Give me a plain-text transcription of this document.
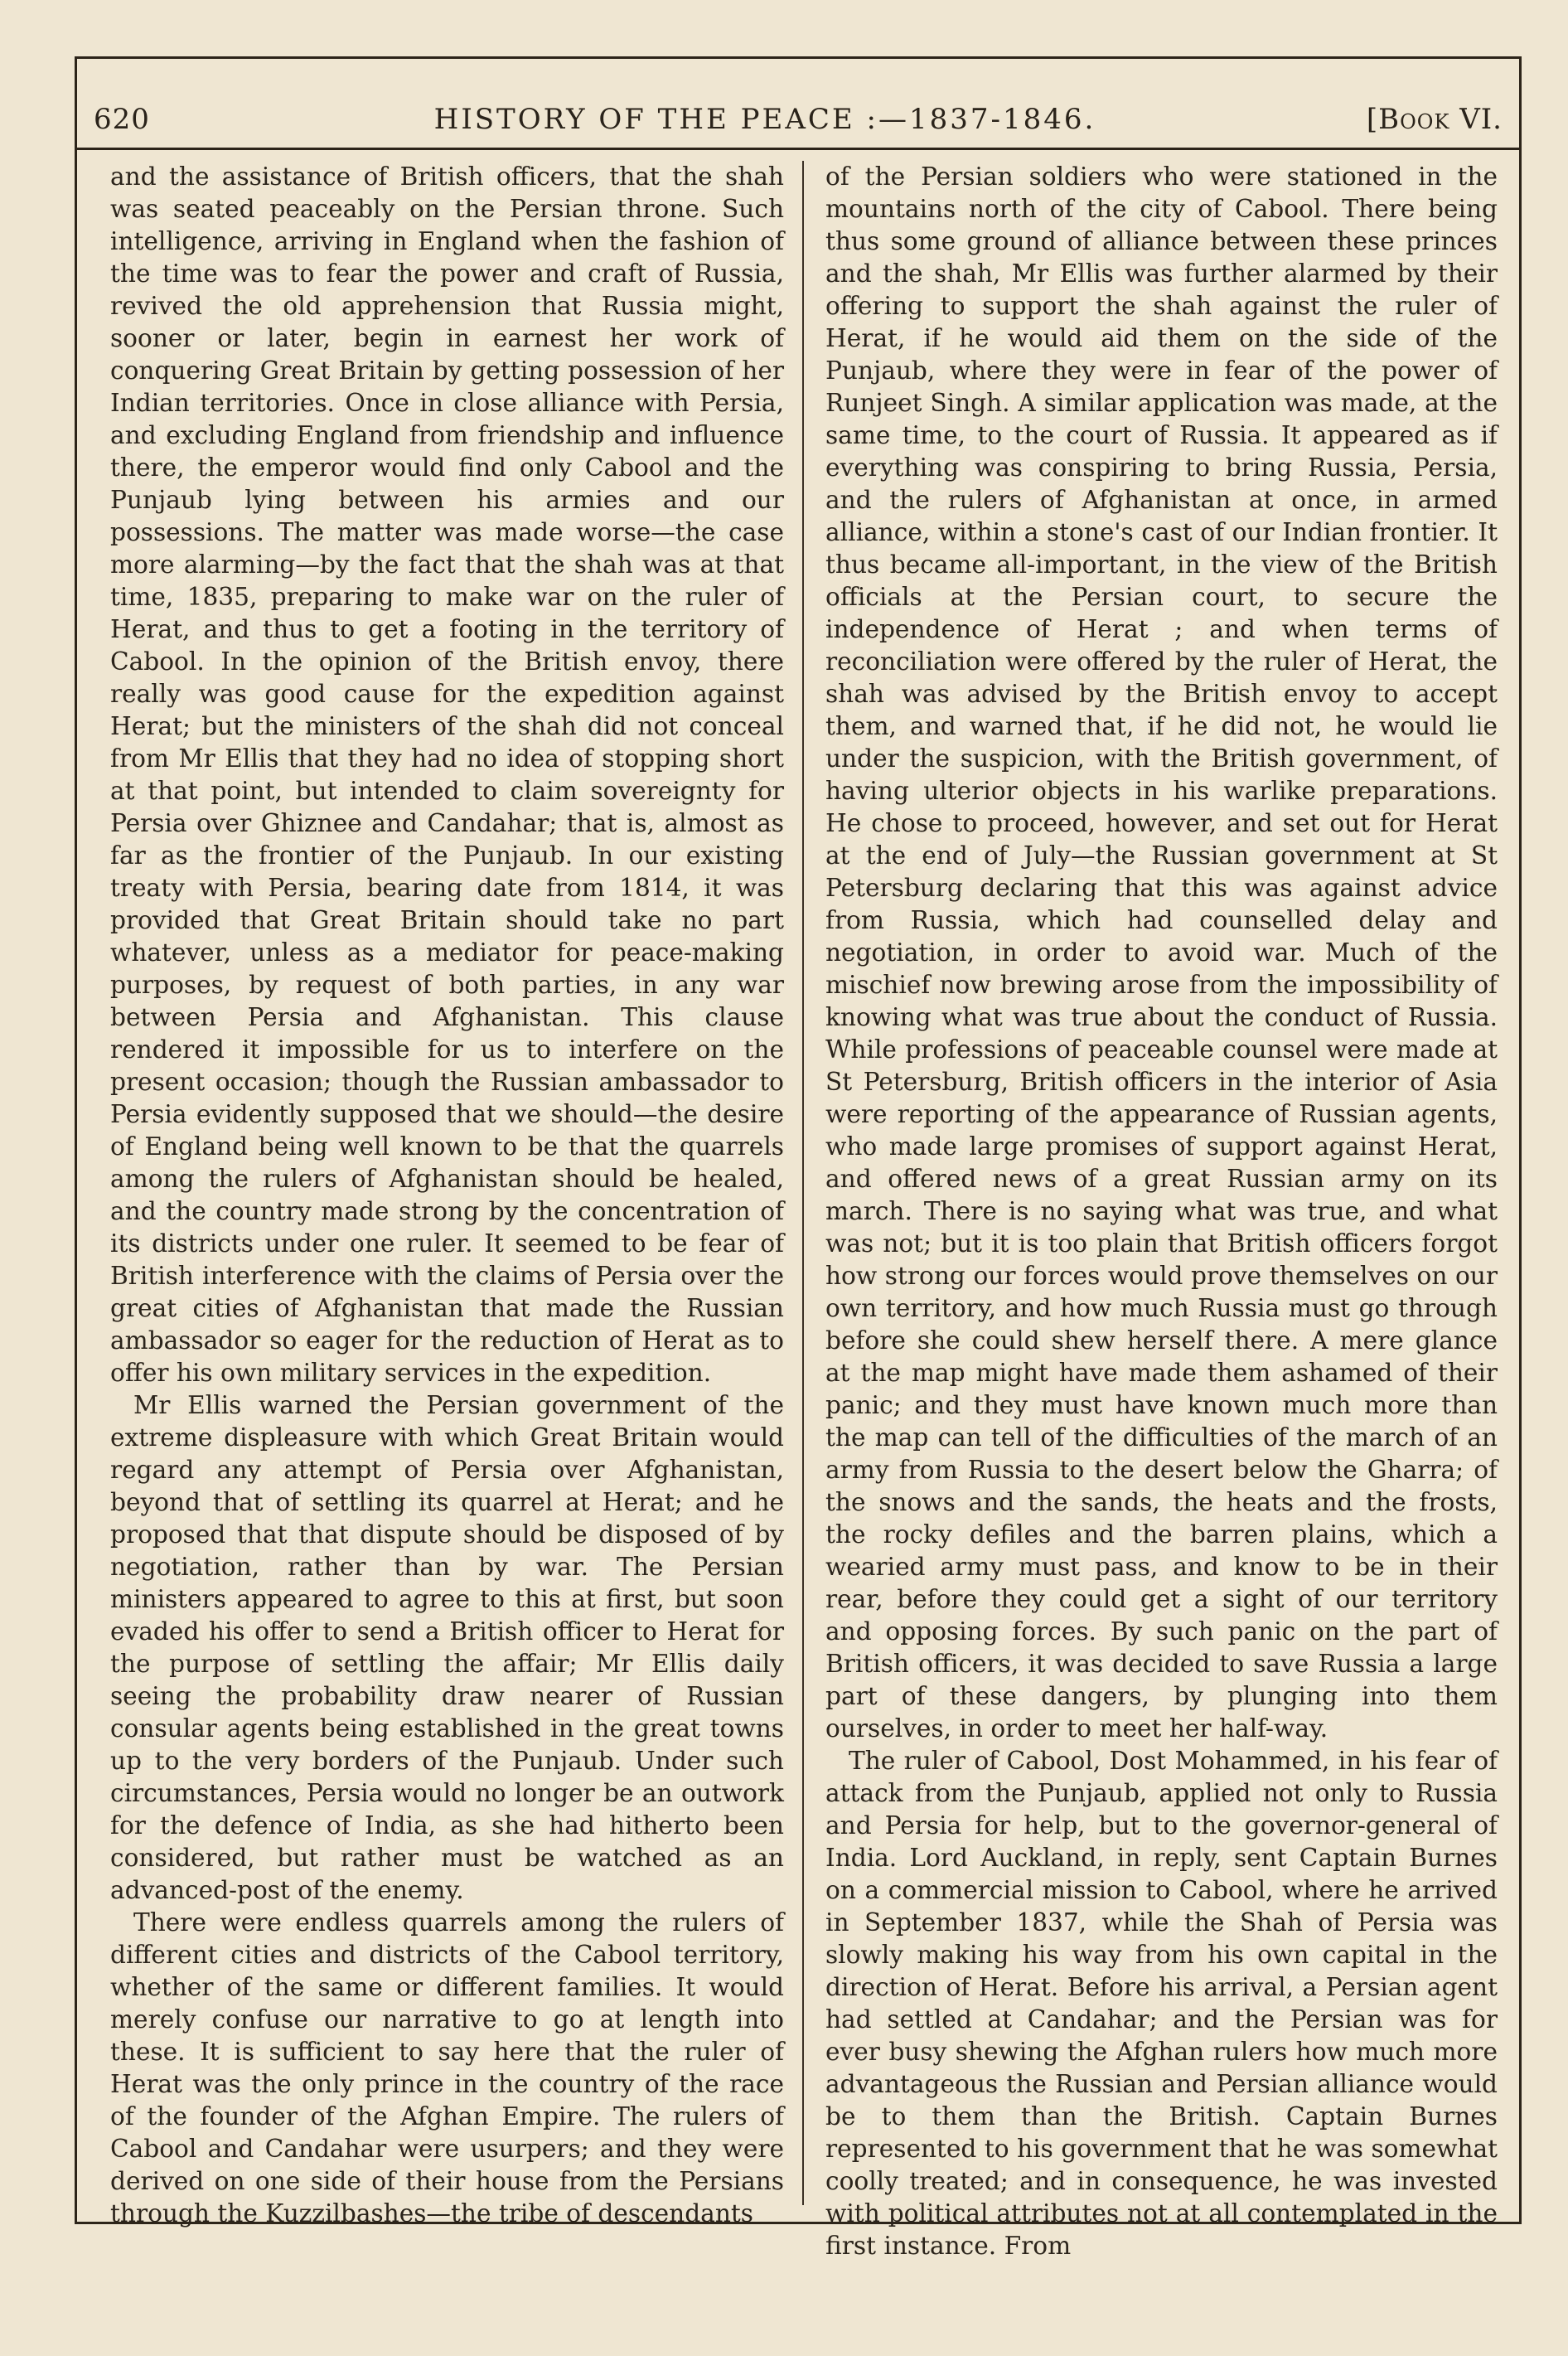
620	HISTORY OF THE PEACE :—1837-1846.	[Book VI.

and the assistance of British officers, that the shah was seated peaceably on the Persian throne. Such intelligence, arriving in England when the fashion of the time was to fear the power and craft of Russia, revived the old apprehension that Russia might, sooner or later, begin in earnest her work of conquering Great Britain by getting possession of her Indian territories. Once in close alliance with Persia, and excluding England from friendship and influence there, the emperor would find only Cabool and the Punjaub lying between his armies and our possessions. The matter was made worse—the case more alarming—by the fact that the shah was at that time, 1835, preparing to make war on the ruler of Herat, and thus to get a footing in the territory of Cabool. In the opinion of the British envoy, there really was good cause for the expedition against Herat; but the ministers of the shah did not conceal from Mr Ellis that they had no idea of stopping short at that point, but intended to claim sovereignty for Persia over Ghiznee and Candahar; that is, almost as far as the frontier of the Punjaub. In our existing treaty with Persia, bearing date from 1814, it was provided that Great Britain should take no part whatever, unless as a mediator for peace-making purposes, by request of both parties, in any war between Persia and Afghanistan. This clause rendered it impossible for us to interfere on the present occasion; though the Russian ambassador to Persia evidently supposed that we should—the desire of England being well known to be that the quarrels among the rulers of Afghanistan should be healed, and the country made strong by the concentration of its districts under one ruler. It seemed to be fear of British interference with the claims of Persia over the great cities of Afghanistan that made the Russian ambassador so eager for the reduction of Herat as to offer his own military services in the expedition.

Mr Ellis warned the Persian government of the extreme displeasure with which Great Britain would regard any attempt of Persia over Afghanistan, beyond that of settling its quarrel at Herat; and he proposed that that dispute should be disposed of by negotiation, rather than by war. The Persian ministers appeared to agree to this at first, but soon evaded his offer to send a British officer to Herat for the purpose of settling the affair; Mr Ellis daily seeing the probability draw nearer of Russian consular agents being established in the great towns up to the very borders of the Punjaub. Under such circumstances, Persia would no longer be an outwork for the defence of India, as she had hitherto been considered, but rather must be watched as an advanced-post of the enemy.

There were endless quarrels among the rulers of different cities and districts of the Cabool territory, whether of the same or different families. It would merely confuse our narrative to go at length into these. It is sufficient to say here that the ruler of Herat was the only prince in the country of the race of the founder of the Afghan Empire. The rulers of Cabool and Candahar were usurpers; and they were derived on one side of their house from the Persians through the Kuzzilbashes—the tribe of descendants

of the Persian soldiers who were stationed in the mountains north of the city of Cabool. There being thus some ground of alliance between these princes and the shah, Mr Ellis was further alarmed by their offering to support the shah against the ruler of Herat, if he would aid them on the side of the Punjaub, where they were in fear of the power of Runjeet Singh. A similar application was made, at the same time, to the court of Russia. It appeared as if everything was conspiring to bring Russia, Persia, and the rulers of Afghanistan at once, in armed alliance, within a stone's cast of our Indian frontier. It thus became all-important, in the view of the British officials at the Persian court, to secure the independence of Herat ; and when terms of reconciliation were offered by the ruler of Herat, the shah was advised by the British envoy to accept them, and warned that, if he did not, he would lie under the suspicion, with the British government, of having ulterior objects in his warlike preparations. He chose to proceed, however, and set out for Herat at the end of July—the Russian government at St Petersburg declaring that this was against advice from Russia, which had counselled delay and negotiation, in order to avoid war. Much of the mischief now brewing arose from the impossibility of knowing what was true about the conduct of Russia. While professions of peaceable counsel were made at St Petersburg, British officers in the interior of Asia were reporting of the appearance of Russian agents, who made large promises of support against Herat, and offered news of a great Russian army on its march. There is no saying what was true, and what was not; but it is too plain that British officers forgot how strong our forces would prove themselves on our own territory, and how much Russia must go through before she could shew herself there. A mere glance at the map might have made them ashamed of their panic; and they must have known much more than the map can tell of the difficulties of the march of an army from Russia to the desert below the Gharra; of the snows and the sands, the heats and the frosts, the rocky defiles and the barren plains, which a wearied army must pass, and know to be in their rear, before they could get a sight of our territory and opposing forces. By such panic on the part of British officers, it was decided to save Russia a large part of these dangers, by plunging into them ourselves, in order to meet her half-way.

The ruler of Cabool, Dost Mohammed, in his fear of attack from the Punjaub, applied not only to Russia and Persia for help, but to the governor-general of India. Lord Auckland, in reply, sent Captain Burnes on a commercial mission to Cabool, where he arrived in September 1837, while the Shah of Persia was slowly making his way from his own capital in the direction of Herat. Before his arrival, a Persian agent had settled at Candahar; and the Persian was for ever busy shewing the Afghan rulers how much more advantageous the Russian and Persian alliance would be to them than the British. Captain Burnes represented to his government that he was somewhat coolly treated; and in consequence, he was invested with political attributes not at all contemplated in the first instance. From
